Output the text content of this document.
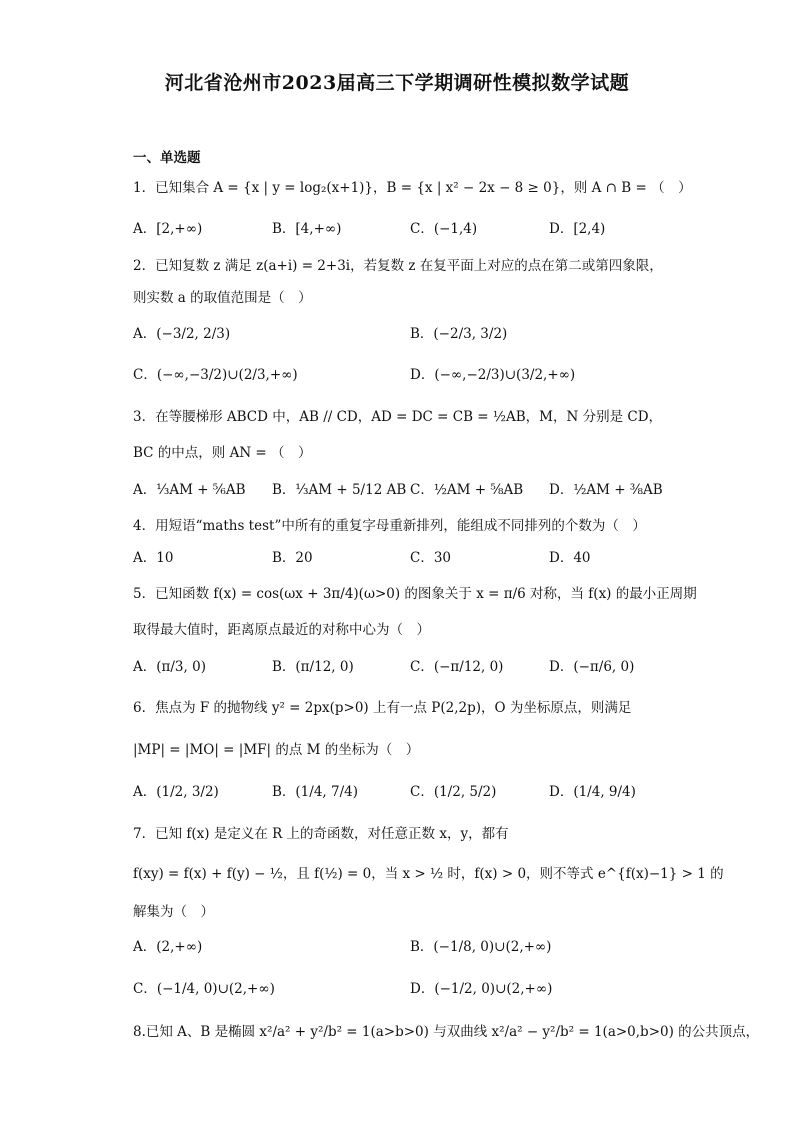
河北省沧州市2023届高三下学期调研性模拟数学试题
一、单选题
1．已知集合 A = {x | y = log₂(x+1)}，B = {x | x² − 2x − 8 ≥ 0}，则 A ∩ B = （　）
A．[2,+∞)	B．[4,+∞)	C．(−1,4)	D．[2,4)
2．已知复数 z 满足 z(a+i) = 2+3i，若复数 z 在复平面上对应的点在第二或第四象限，
则实数 a 的取值范围是（　）
A．(−3/2, 2/3)	B．(−2/3, 3/2)
C．(−∞,−3/2)∪(2/3,+∞)	D．(−∞,−2/3)∪(3/2,+∞)
3．在等腰梯形 ABCD 中，AB // CD，AD = DC = CB = ½AB，M，N 分别是 CD，
BC 的中点，则 AN = （　）
A．⅓AM + ⅚AB B．⅓AM + 5/12 AB C．½AM + ⅝AB D．½AM + ⅜AB
4．用短语“maths test”中所有的重复字母重新排列，能组成不同排列的个数为（　）
A．10	B．20	C．30	D．40
5．已知函数 f(x) = cos(ωx + 3π/4)(ω>0) 的图象关于 x = π/6 对称，当 f(x) 的最小正周期
取得最大值时，距离原点最近的对称中心为（　）
A．(π/3, 0)	B．(π/12, 0)	C．(−π/12, 0)	D．(−π/6, 0)
6．焦点为 F 的抛物线 y² = 2px(p>0) 上有一点 P(2,2p)，O 为坐标原点，则满足
|MP| = |MO| = |MF| 的点 M 的坐标为（　）
A．(1/2, 3/2)	B．(1/4, 7/4)	C．(1/2, 5/2)	D．(1/4, 9/4)
7．已知 f(x) 是定义在 R 上的奇函数，对任意正数 x，y，都有
f(xy) = f(x) + f(y) − ½，且 f(½) = 0，当 x > ½ 时，f(x) > 0，则不等式 e^{f(x)−1} > 1 的
解集为（　）
A．(2,+∞)	B．(−1/8, 0)∪(2,+∞)
C．(−1/4, 0)∪(2,+∞)	D．(−1/2, 0)∪(2,+∞)
8.已知 A、B 是椭圆 x²/a² + y²/b² = 1(a>b>0) 与双曲线 x²/a² − y²/b² = 1(a>0,b>0) 的公共顶点，
